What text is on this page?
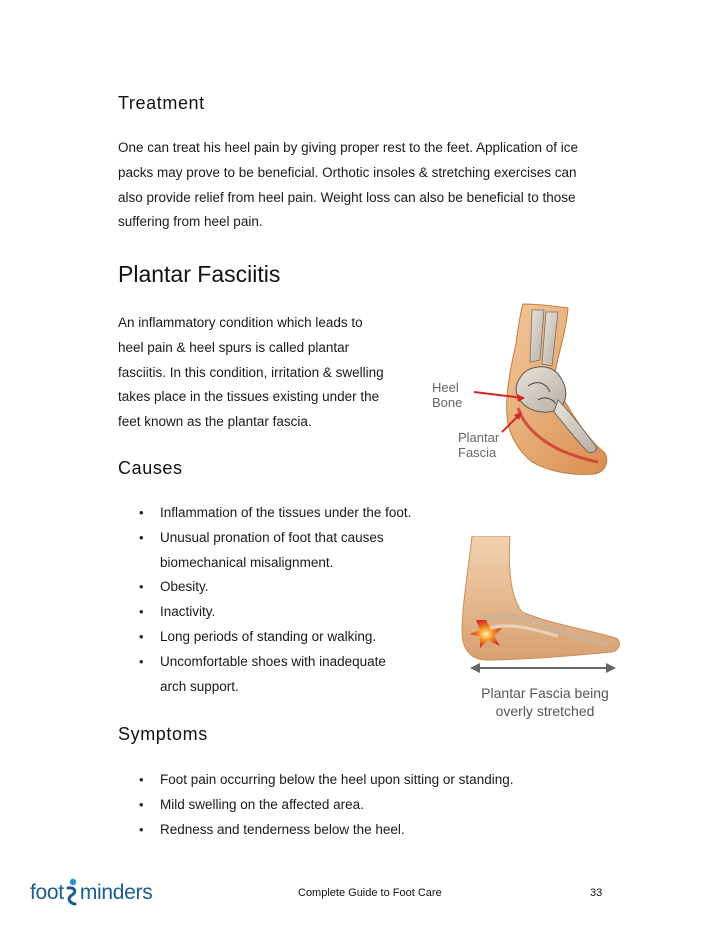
Treatment
One can treat his heel pain by giving proper rest to the feet. Application of ice
packs may prove to be beneficial. Orthotic insoles & stretching exercises can
also provide relief from heel pain. Weight loss can also be beneficial to those
suffering from heel pain.
Plantar Fasciitis
An inflammatory condition which leads to
heel pain & heel spurs is called plantar
fasciitis. In this condition, irritation & swelling
takes place in the tissues existing under the
feet known as the plantar fascia.
Heel
Bone
Plantar
Fascia
Causes
• Inflammation of the tissues under the foot.
• Unusual pronation of foot that causes
biomechanical misalignment.
• Obesity.
• Inactivity.
• Long periods of standing or walking.
• Uncomfortable shoes with inadequate
arch support.	Plantar Fascia being
overly stretched
Symptoms
• Foot pain occurring below the heel upon sitting or standing.
• Mild swelling on the affected area.
• Redness and tenderness below the heel.
foot minders	Complete Guide to Foot Care	33
